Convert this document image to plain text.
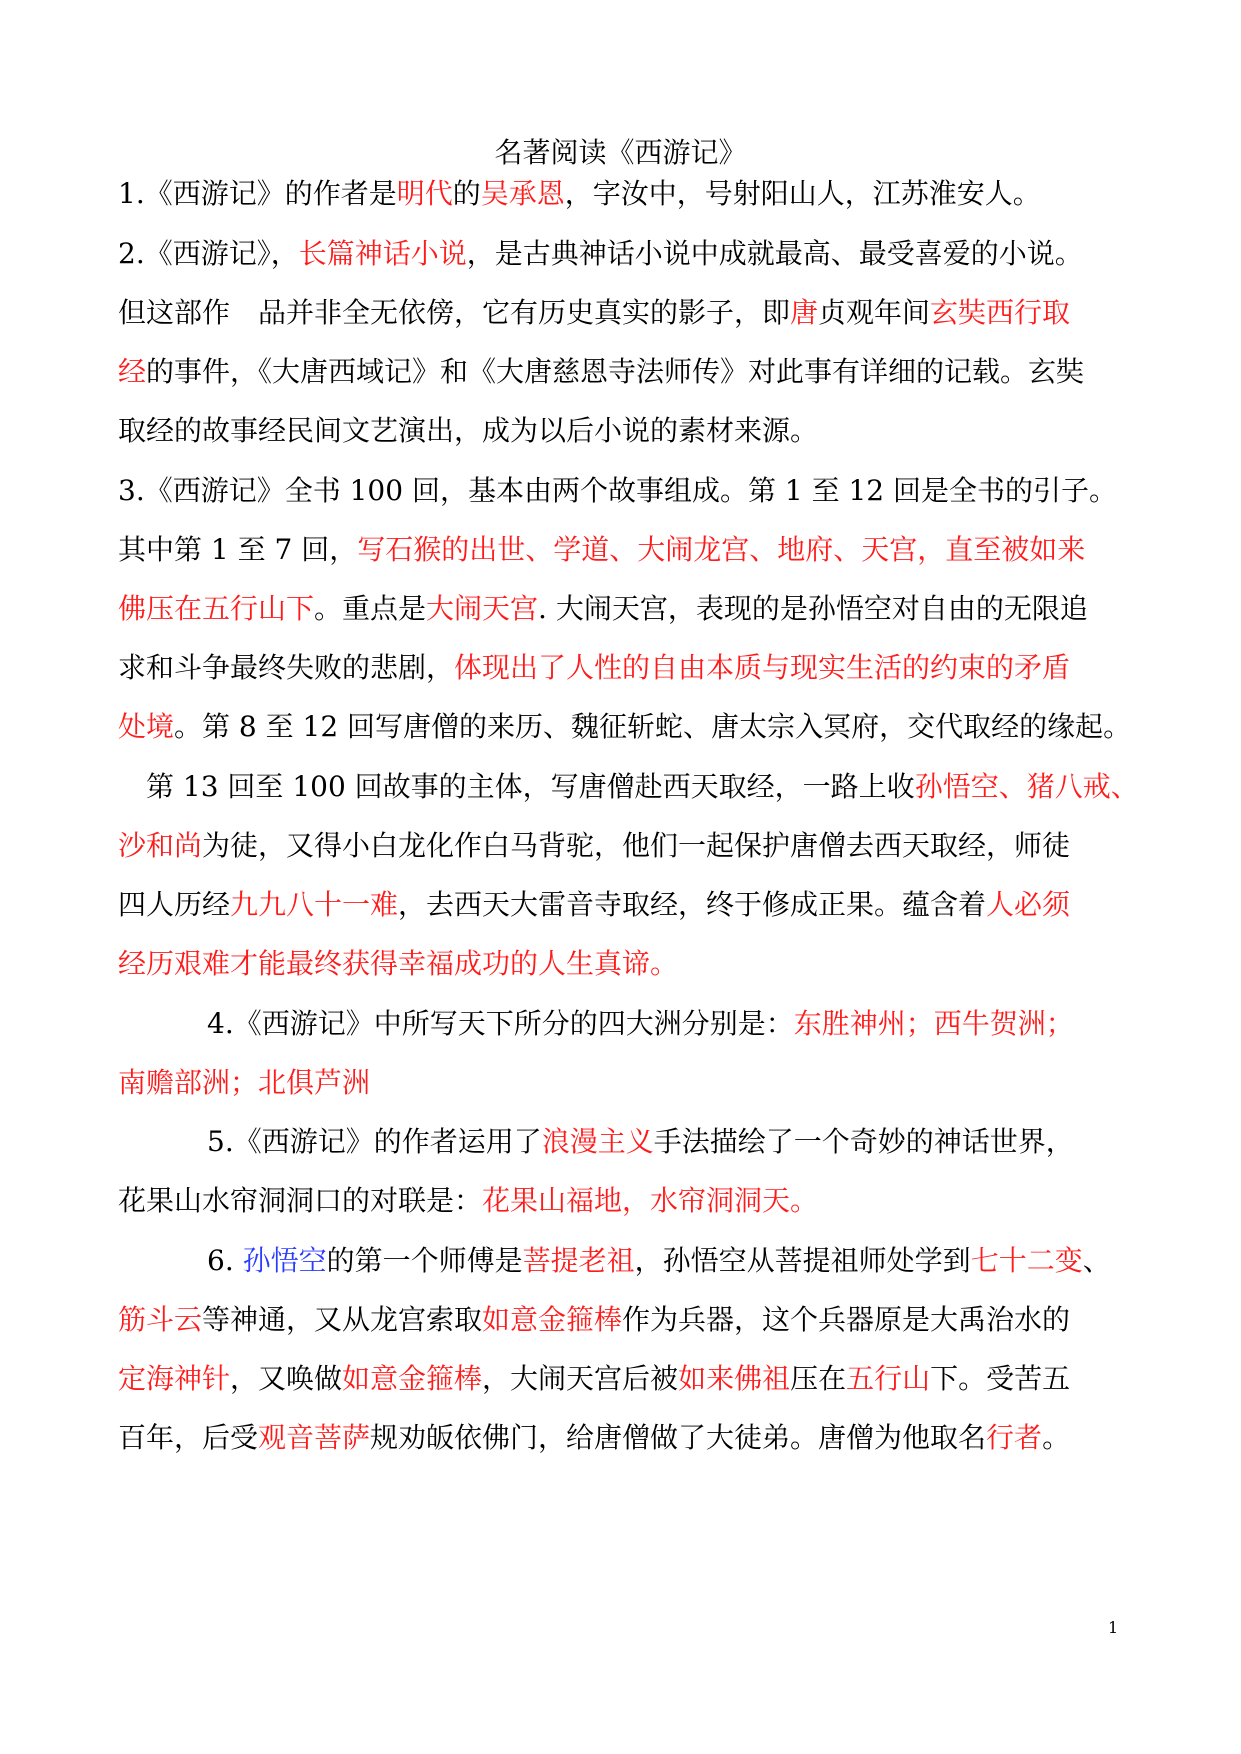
名著阅读《西游记》
1.《西游记》的作者是明代的吴承恩，字汝中，号射阳山人，江苏淮安人。
2.《西游记》，长篇神话小说，是古典神话小说中成就最高、最受喜爱的小说。
但这部作　品并非全无依傍，它有历史真实的影子，即唐贞观年间玄奘西行取
经的事件，《大唐西域记》和《大唐慈恩寺法师传》对此事有详细的记载。玄奘
取经的故事经民间文艺演出，成为以后小说的素材来源。
3.《西游记》全书 100 回，基本由两个故事组成。第 1 至 12 回是全书的引子。
其中第 1 至 7 回，写石猴的出世、学道、大闹龙宫、地府、天宫，直至被如来
佛压在五行山下。重点是大闹天宫. 大闹天宫，表现的是孙悟空对自由的无限追
求和斗争最终失败的悲剧，体现出了人性的自由本质与现实生活的约束的矛盾
处境。第 8 至 12 回写唐僧的来历、魏征斩蛇、唐太宗入冥府，交代取经的缘起。
第 13 回至 100 回故事的主体，写唐僧赴西天取经，一路上收孙悟空、猪八戒、
沙和尚为徒，又得小白龙化作白马背驼，他们一起保护唐僧去西天取经，师徒
四人历经九九八十一难，去西天大雷音寺取经，终于修成正果。蕴含着人必须
经历艰难才能最终获得幸福成功的人生真谛。
4.《西游记》中所写天下所分的四大洲分别是：东胜神州；西牛贺洲；
南赡部洲；北俱芦洲
5.《西游记》的作者运用了浪漫主义手法描绘了一个奇妙的神话世界，
花果山水帘洞洞口的对联是：花果山福地，水帘洞洞天。
6. 孙悟空的第一个师傅是菩提老祖，孙悟空从菩提祖师处学到七十二变、
筋斗云等神通，又从龙宫索取如意金箍棒作为兵器，这个兵器原是大禹治水的
定海神针，又唤做如意金箍棒，大闹天宫后被如来佛祖压在五行山下。受苦五
百年，后受观音菩萨规劝皈依佛门，给唐僧做了大徒弟。唐僧为他取名行者。
1
